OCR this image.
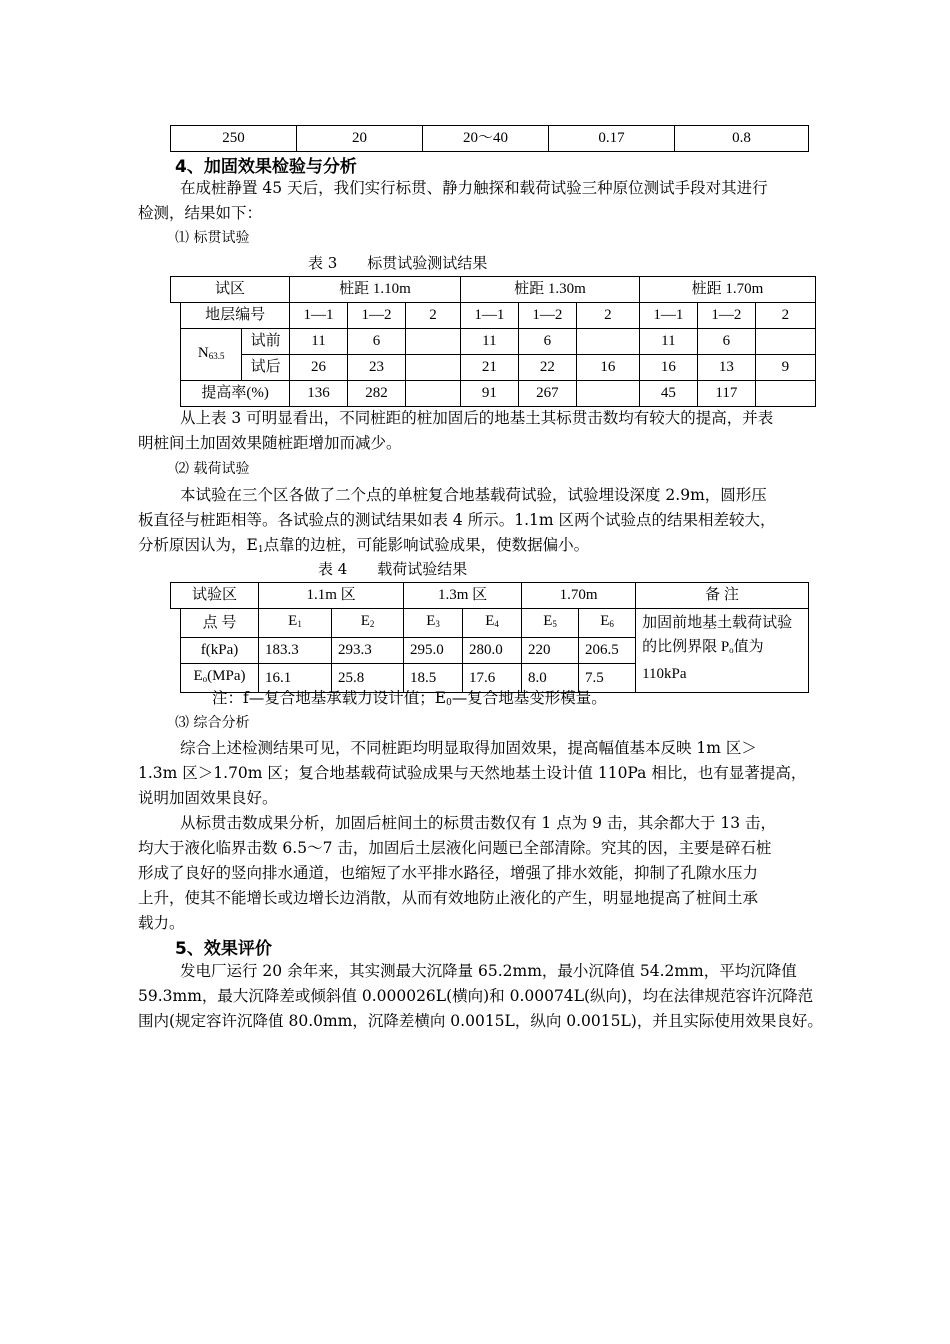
250	20	20～40	0.17	0.8
4、加固效果检验与分析
在成桩静置 45 天后，我们实行标贯、静力触探和载荷试验三种原位测试手段对其进行
检测，结果如下：
⑴ 标贯试验
表 3　　标贯试验测试结果
试区			桩距 1.10m			桩距 1.30m			桩距 1.70m		
	地层编号		1—1	1—2	2	1—1	1—2	2	1—1	1—2	2
	$N_{63.5}$	试前	11	6		11	6		11	6	
		试后	26	23		21	22	16	16	13	9
	提高率(%)		136	282		91	267		45	117	
从上表 3 可明显看出，不同桩距的桩加固后的地基土其标贯击数均有较大的提高，并表
明桩间土加固效果随桩距增加而减少。
⑵ 载荷试验
本试验在三个区各做了二个点的单桩复合地基载荷试验，试验埋设深度 2.9m，圆形压
板直径与桩距相等。各试验点的测试结果如表 4 所示。1.1m 区两个试验点的结果相差较大，
分析原因认为，$E_1$点靠的边桩，可能影响试验成果，使数据偏小。
表 4　　载荷试验结果
试验区		1.1m 区		1.3m 区		1.70m		备 注
	点 号	$E_1$	$E_2$	$E_3$	$E_4$	$E_5$	$E_6$	加固前地基土载荷试验的比例界限 $P_o$值为 110kPa
	f(kPa)	183.3	293.3	295.0	280.0	220	206.5	
	$E_o(MPa)$	16.1	25.8	18.5	17.6	8.0	7.5	
注：f—复合地基承载力设计值；$E_0—$复合地基变形模量。
⑶ 综合分析
综合上述检测结果可见，不同桩距均明显取得加固效果，提高幅值基本反映 1m 区＞
1.3m 区＞1.70m 区；复合地基载荷试验成果与天然地基土设计值 110Pa 相比，也有显著提高，
说明加固效果良好。
从标贯击数成果分析，加固后桩间土的标贯击数仅有 1 点为 9 击，其余都大于 13 击，
均大于液化临界击数 6.5～7 击，加固后土层液化问题已全部清除。究其的因，主要是碎石桩
形成了良好的竖向排水通道，也缩短了水平排水路径，增强了排水效能，抑制了孔隙水压力
上升，使其不能增长或边增长边消散，从而有效地防止液化的产生，明显地提高了桩间土承
载力。
5、效果评价
发电厂运行 20 余年来，其实测最大沉降量 65.2mm，最小沉降值 54.2mm，平均沉降值
59.3mm，最大沉降差或倾斜值 0.000026L(横向)和 0.00074L(纵向)，均在法律规范容许沉降范
围内(规定容许沉降值 80.0mm，沉降差横向 0.0015L，纵向 0.0015L)，并且实际使用效果良好。
